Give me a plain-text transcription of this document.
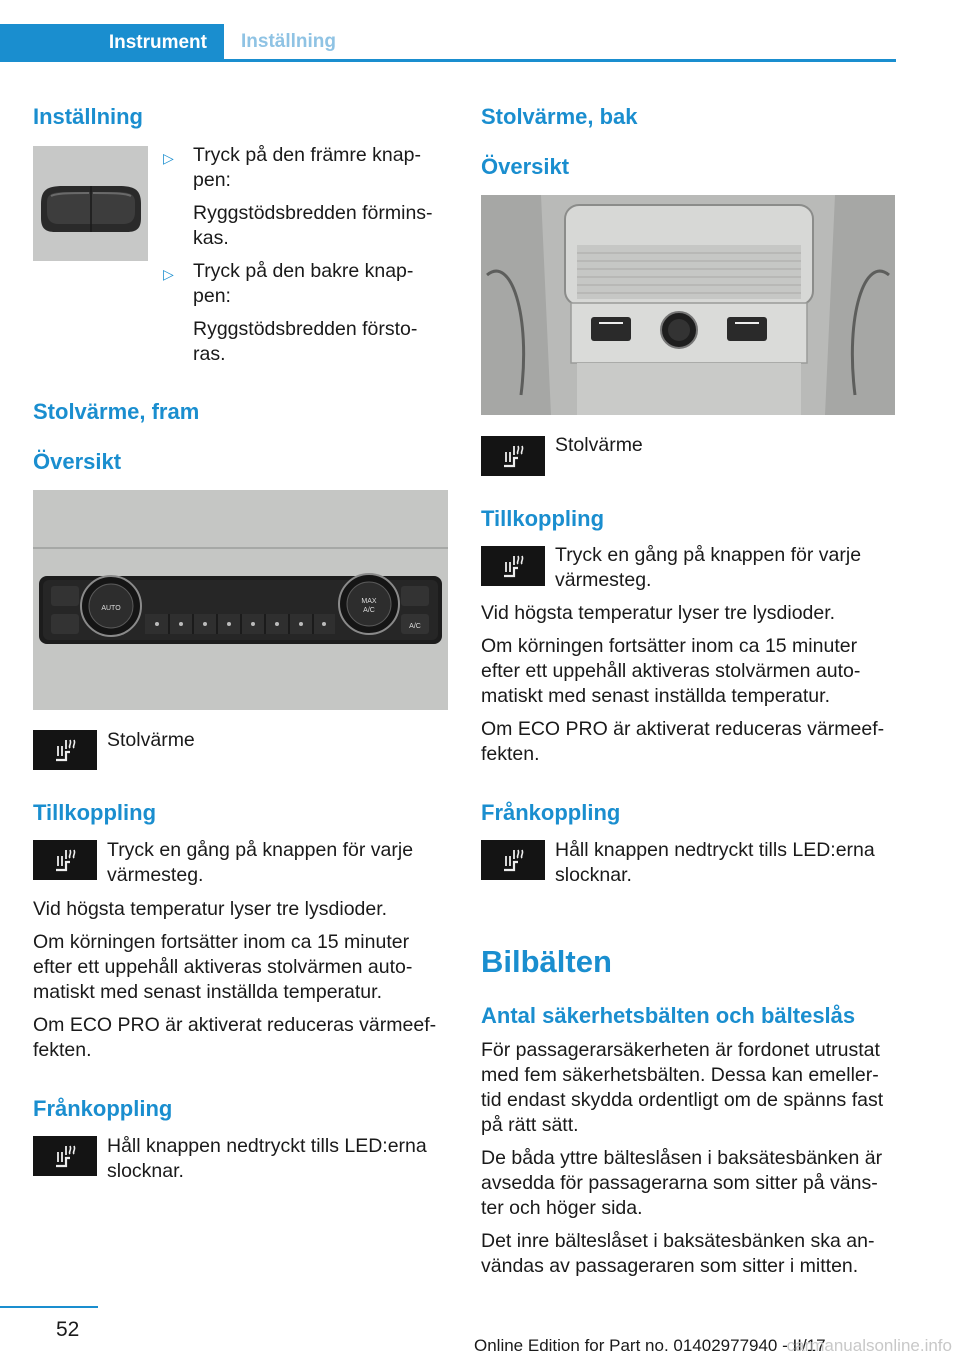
Instrument	Inställning
Inställning
▷ Tryck på den främre knap-
pen:
Ryggstödsbredden förmins-
kas.
▷ Tryck på den bakre knap-
pen:
Ryggstödsbredden försto-
ras.
Stolvärme, fram
Översikt
AUTO
MAX
A/C
A/C
Stolvärme
Tillkoppling
Tryck en gång på knappen för varje
värmesteg.
Vid högsta temperatur lyser tre lysdioder.
Om körningen fortsätter inom ca 15 minuter
efter ett uppehåll aktiveras stolvärmen auto-
matiskt med senast inställda temperatur.
Om ECO PRO är aktiverat reduceras värmeef-
fekten.
Frånkoppling
Håll knappen nedtryckt tills LED:erna
slocknar.
Stolvärme, bak
Översikt
Stolvärme
Tillkoppling
Tryck en gång på knappen för varje
värmesteg.
Vid högsta temperatur lyser tre lysdioder.
Om körningen fortsätter inom ca 15 minuter
efter ett uppehåll aktiveras stolvärmen auto-
matiskt med senast inställda temperatur.
Om ECO PRO är aktiverat reduceras värmeef-
fekten.
Frånkoppling
Håll knappen nedtryckt tills LED:erna
slocknar.
Bilbälten
Antal säkerhetsbälten och bälteslås
För passagerarsäkerheten är fordonet utrustat
med fem säkerhetsbälten. Dessa kan emeller-
tid endast skydda ordentligt om de spänns fast
på rätt sätt.
De båda yttre bälteslåsen i baksätesbänken är
avsedda för passagerarna som sitter på väns-
ter och höger sida.
Det inre bälteslåset i baksätesbänken ska an-
vändas av passageraren som sitter i mitten.
52
Online Edition for Part no. 01402977940 - II/17
carmanualsonline.info
